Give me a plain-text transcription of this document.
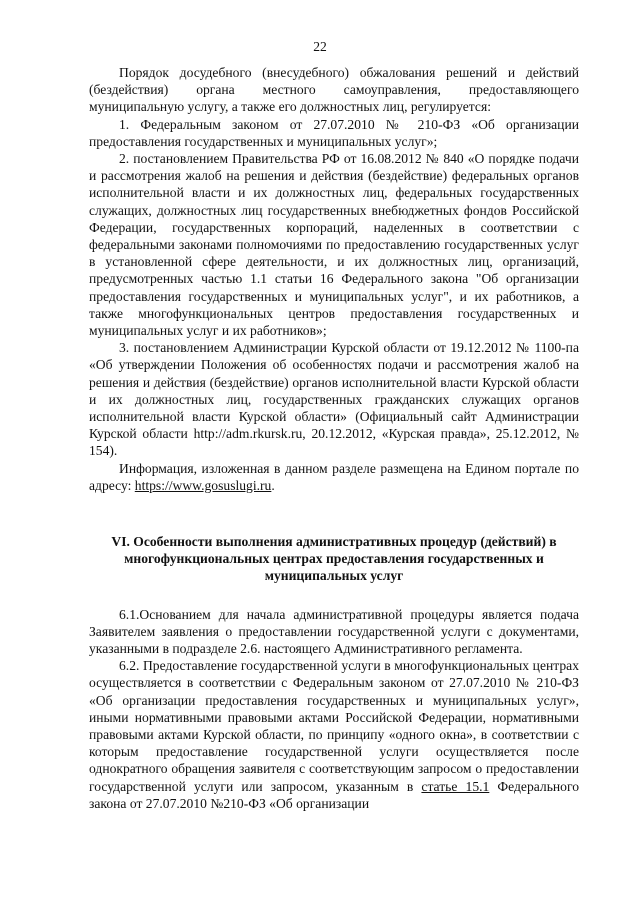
22

Порядок досудебного (внесудебного) обжалования решений и действий (бездействия) органа местного самоуправления, предоставляющего муниципальную услугу, а также его должностных лиц, регулируется:

1. Федеральным законом от 27.07.2010 № 210-ФЗ «Об организации предоставления государственных и муниципальных услуг»;

2. постановлением Правительства РФ от 16.08.2012 № 840 «О порядке подачи и рассмотрения жалоб на решения и действия (бездействие) федеральных органов исполнительной власти и их должностных лиц, федеральных государственных служащих, должностных лиц государственных внебюджетных фондов Российской Федерации, государственных корпораций, наделенных в соответствии с федеральными законами полномочиями по предоставлению государственных услуг в установленной сфере деятельности, и их должностных лиц, организаций, предусмотренных частью 1.1 статьи 16 Федерального закона "Об организации предоставления государственных и муниципальных услуг", и их работников, а также многофункциональных центров предоставления государственных и муниципальных услуг и их работников»;

3. постановлением Администрации Курской области от 19.12.2012 № 1100-па «Об утверждении Положения об особенностях подачи и рассмотрения жалоб на решения и действия (бездействие) органов исполнительной власти Курской области и их должностных лиц, государственных гражданских служащих органов исполнительной власти Курской области» (Официальный сайт Администрации Курской области http://adm.rkursk.ru, 20.12.2012, «Курская правда», 25.12.2012, № 154).

Информация, изложенная в данном разделе размещена на Едином портале по адресу: https://www.gosuslugi.ru.

VI. Особенности выполнения административных процедур (действий) в многофункциональных центрах предоставления государственных и муниципальных услуг

6.1.Основанием для начала административной процедуры является подача Заявителем заявления о предоставлении государственной услуги с документами, указанными в подразделе 2.6. настоящего Административного регламента.

6.2. Предоставление государственной услуги в многофункциональных центрах осуществляется в соответствии с Федеральным законом от 27.07.2010 № 210-ФЗ «Об организации предоставления государственных и муниципальных услуг», иными нормативными правовыми актами Российской Федерации, нормативными правовыми актами Курской области, по принципу «одного окна», в соответствии с которым предоставление государственной услуги осуществляется после однократного обращения заявителя с соответствующим запросом о предоставлении государственной услуги или запросом, указанным в статье 15.1 Федерального закона от 27.07.2010 №210-ФЗ «Об организации
